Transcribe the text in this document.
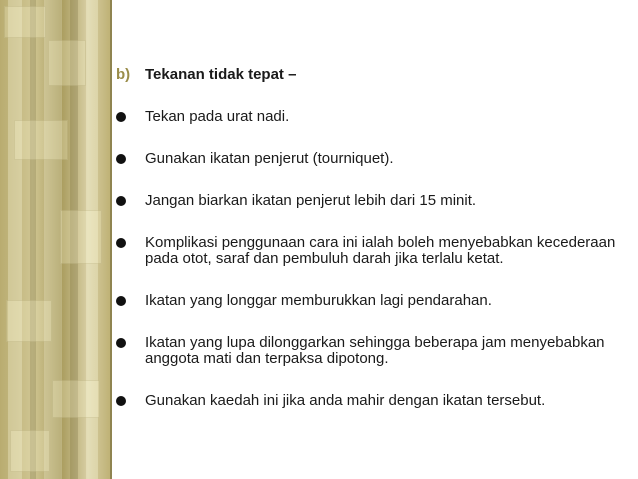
b) Tekanan tidak tepat –
Tekan pada urat nadi.
Gunakan ikatan penjerut (tourniquet).
Jangan biarkan ikatan penjerut lebih dari 15 minit.
Komplikasi penggunaan cara ini ialah boleh menyebabkan kecederaan pada otot, saraf dan pembuluh darah jika terlalu ketat.
Ikatan yang longgar memburukkan lagi pendarahan.
Ikatan yang lupa dilonggarkan sehingga beberapa jam menyebabkan anggota mati dan terpaksa dipotong.
Gunakan kaedah ini jika anda mahir dengan ikatan tersebut.
